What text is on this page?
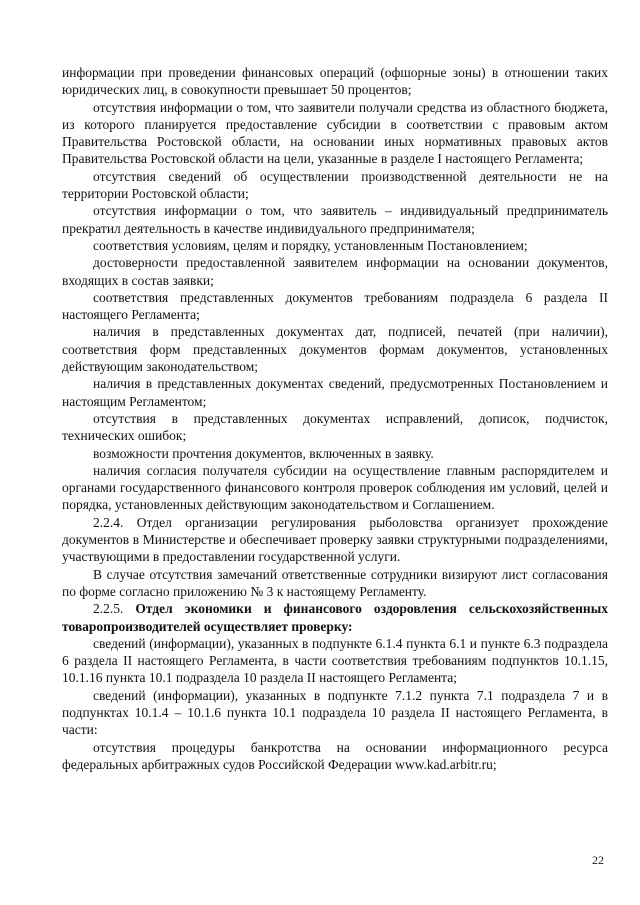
информации при проведении финансовых операций (офшорные зоны) в отношении таких юридических лиц, в совокупности превышает 50 процентов;

отсутствия информации о том, что заявители получали средства из областного бюджета, из которого планируется предоставление субсидии в соответствии с правовым актом Правительства Ростовской области, на основании иных нормативных правовых актов Правительства Ростовской области на цели, указанные в разделе I настоящего Регламента;

отсутствия сведений об осуществлении производственной деятельности не на территории Ростовской области;

отсутствия информации о том, что заявитель – индивидуальный предприниматель прекратил деятельность в качестве индивидуального предпринимателя;

соответствия условиям, целям и порядку, установленным Постановлением;

достоверности предоставленной заявителем информации на основании документов, входящих в состав заявки;

соответствия представленных документов требованиям подраздела 6 раздела II настоящего Регламента;

наличия в представленных документах дат, подписей, печатей (при наличии), соответствия форм представленных документов формам документов, установленных действующим законодательством;

наличия в представленных документах сведений, предусмотренных Постановлением и настоящим Регламентом;

отсутствия в представленных документах исправлений, дописок, подчисток, технических ошибок;

возможности прочтения документов, включенных в заявку.

наличия согласия получателя субсидии на осуществление главным распорядителем и органами государственного финансового контроля проверок соблюдения им условий, целей и порядка, установленных действующим законодательством и Соглашением.

2.2.4. Отдел организации регулирования рыболовства организует прохождение документов в Министерстве и обеспечивает проверку заявки структурными подразделениями, участвующими в предоставлении государственной услуги.

В случае отсутствия замечаний ответственные сотрудники визируют лист согласования по форме согласно приложению № 3 к настоящему Регламенту.

2.2.5. Отдел экономики и финансового оздоровления сельскохозяйственных товаропроизводителей осуществляет проверку:

сведений (информации), указанных в подпункте 6.1.4 пункта 6.1 и пункте 6.3 подраздела 6 раздела II настоящего Регламента, в части соответствия требованиям подпунктов 10.1.15, 10.1.16 пункта 10.1 подраздела 10 раздела II настоящего Регламента;

сведений (информации), указанных в подпункте 7.1.2 пункта 7.1 подраздела 7 и в подпунктах 10.1.4 – 10.1.6 пункта 10.1 подраздела 10 раздела II настоящего Регламента, в части:

отсутствия процедуры банкротства на основании информационного ресурса федеральных арбитражных судов Российской Федерации www.kad.arbitr.ru;

22
